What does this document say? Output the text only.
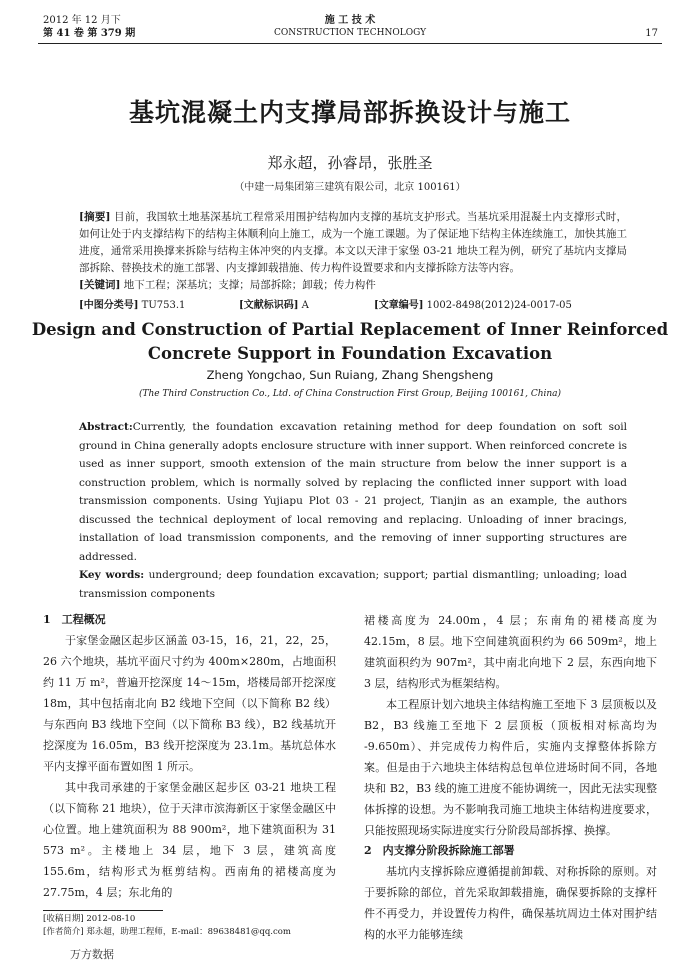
2012 年 12 月下
第 41 卷 第 379 期
施 工 技 术
CONSTRUCTION TECHNOLOGY	17
基坑混凝土内支撑局部拆换设计与施工
郑永超，孙睿昂，张胜圣
（中建一局集团第三建筑有限公司，北京 100161）

[摘要] 目前，我国软土地基深基坑工程常采用围护结构加内支撑的基坑支护形式。当基坑采用混凝土内支撑形式时，如何让处于内支撑结构下的结构主体顺利向上施工，成为一个施工课题。为了保证地下结构主体连续施工，加快其施工进度，通常采用换撑来拆除与结构主体冲突的内支撑。本文以天津于家堡 03-21 地块工程为例，研究了基坑内支撑局部拆除、替换技术的施工部署、内支撑卸载措施、传力构件设置要求和内支撑拆除方法等内容。

[关键词] 地下工程；深基坑；支撑；局部拆除；卸载；传力构件

[中图分类号] TU753.1	[文献标识码] A	[文章编号] 1002-8498(2012)24-0017-05
Design and Construction of Partial Replacement of Inner Reinforced
Concrete Support in Foundation Excavation
Zheng Yongchao, Sun Ruiang, Zhang Shengsheng
(The Third Construction Co., Ltd. of China Construction First Group, Beijing 100161, China)

Abstract:Currently, the foundation excavation retaining method for deep foundation on soft soil ground in China generally adopts enclosure structure with inner support. When reinforced concrete is used as inner support, smooth extension of the main structure from below the inner support is a construction problem, which is normally solved by replacing the conflicted inner support with load transmission components. Using Yujiapu Plot 03 - 21 project, Tianjin as an example, the authors discussed the technical deployment of local removing and replacing. Unloading of inner bracings, installation of load transmission components, and the removing of inner supporting structures are addressed.

Key words: underground; deep foundation excavation; support; partial dismantling; unloading; load transmission components

1　工程概况

于家堡金融区起步区涵盖 03-15，16，21，22，25，26 六个地块，基坑平面尺寸约为 400m×280m，占地面积约 11 万 m²，普遍开挖深度 14～15m，塔楼局部开挖深度 18m，其中包括南北向 B2 线地下空间（以下简称 B2 线）与东西向 B3 线地下空间（以下简称 B3 线），B2 线基坑开挖深度为 16.05m，B3 线开挖深度为 23.1m。基坑总体水平内支撑平面布置如图 1 所示。

其中我司承建的于家堡金融区起步区 03-21 地块工程（以下简称 21 地块），位于天津市滨海新区于家堡金融区中心位置。地上建筑面积为 88 900m²，地下建筑面积为 31 573 m²。主楼地上 34 层，地下 3 层，建筑高度 155.6m，结构形式为框剪结构。西南角的裙楼高度为 27.75m，4 层；东北角的

裙楼高度为 24.00m，4 层；东南角的裙楼高度为 42.15m，8 层。地下空间建筑面积约为 66 509m²，地上建筑面积约为 907m²，其中南北向地下 2 层，东西向地下 3 层，结构形式为框架结构。

本工程原计划六地块主体结构施工至地下 3 层顶板以及 B2，B3 线施工至地下 2 层顶板（顶板相对标高均为 -9.650m）、并完成传力构件后，实施内支撑整体拆除方案。但是由于六地块主体结构总包单位进场时间不同，各地块和 B2，B3 线的施工进度不能协调统一，因此无法实现整体拆撑的设想。为不影响我司施工地块主体结构进度要求，只能按照现场实际进度实行分阶段局部拆撑、换撑。

2　内支撑分阶段拆除施工部署

基坑内支撑拆除应遵循提前卸载、对称拆除的原则。对于要拆除的部位，首先采取卸载措施，确保要拆除的支撑杆件不再受力，并设置传力构件，确保基坑周边土体对围护结构的水平力能够连续

[收稿日期] 2012-08-10
[作者简介] 郑永超，助理工程师，E-mail：89638481@qq.com
万方数据
